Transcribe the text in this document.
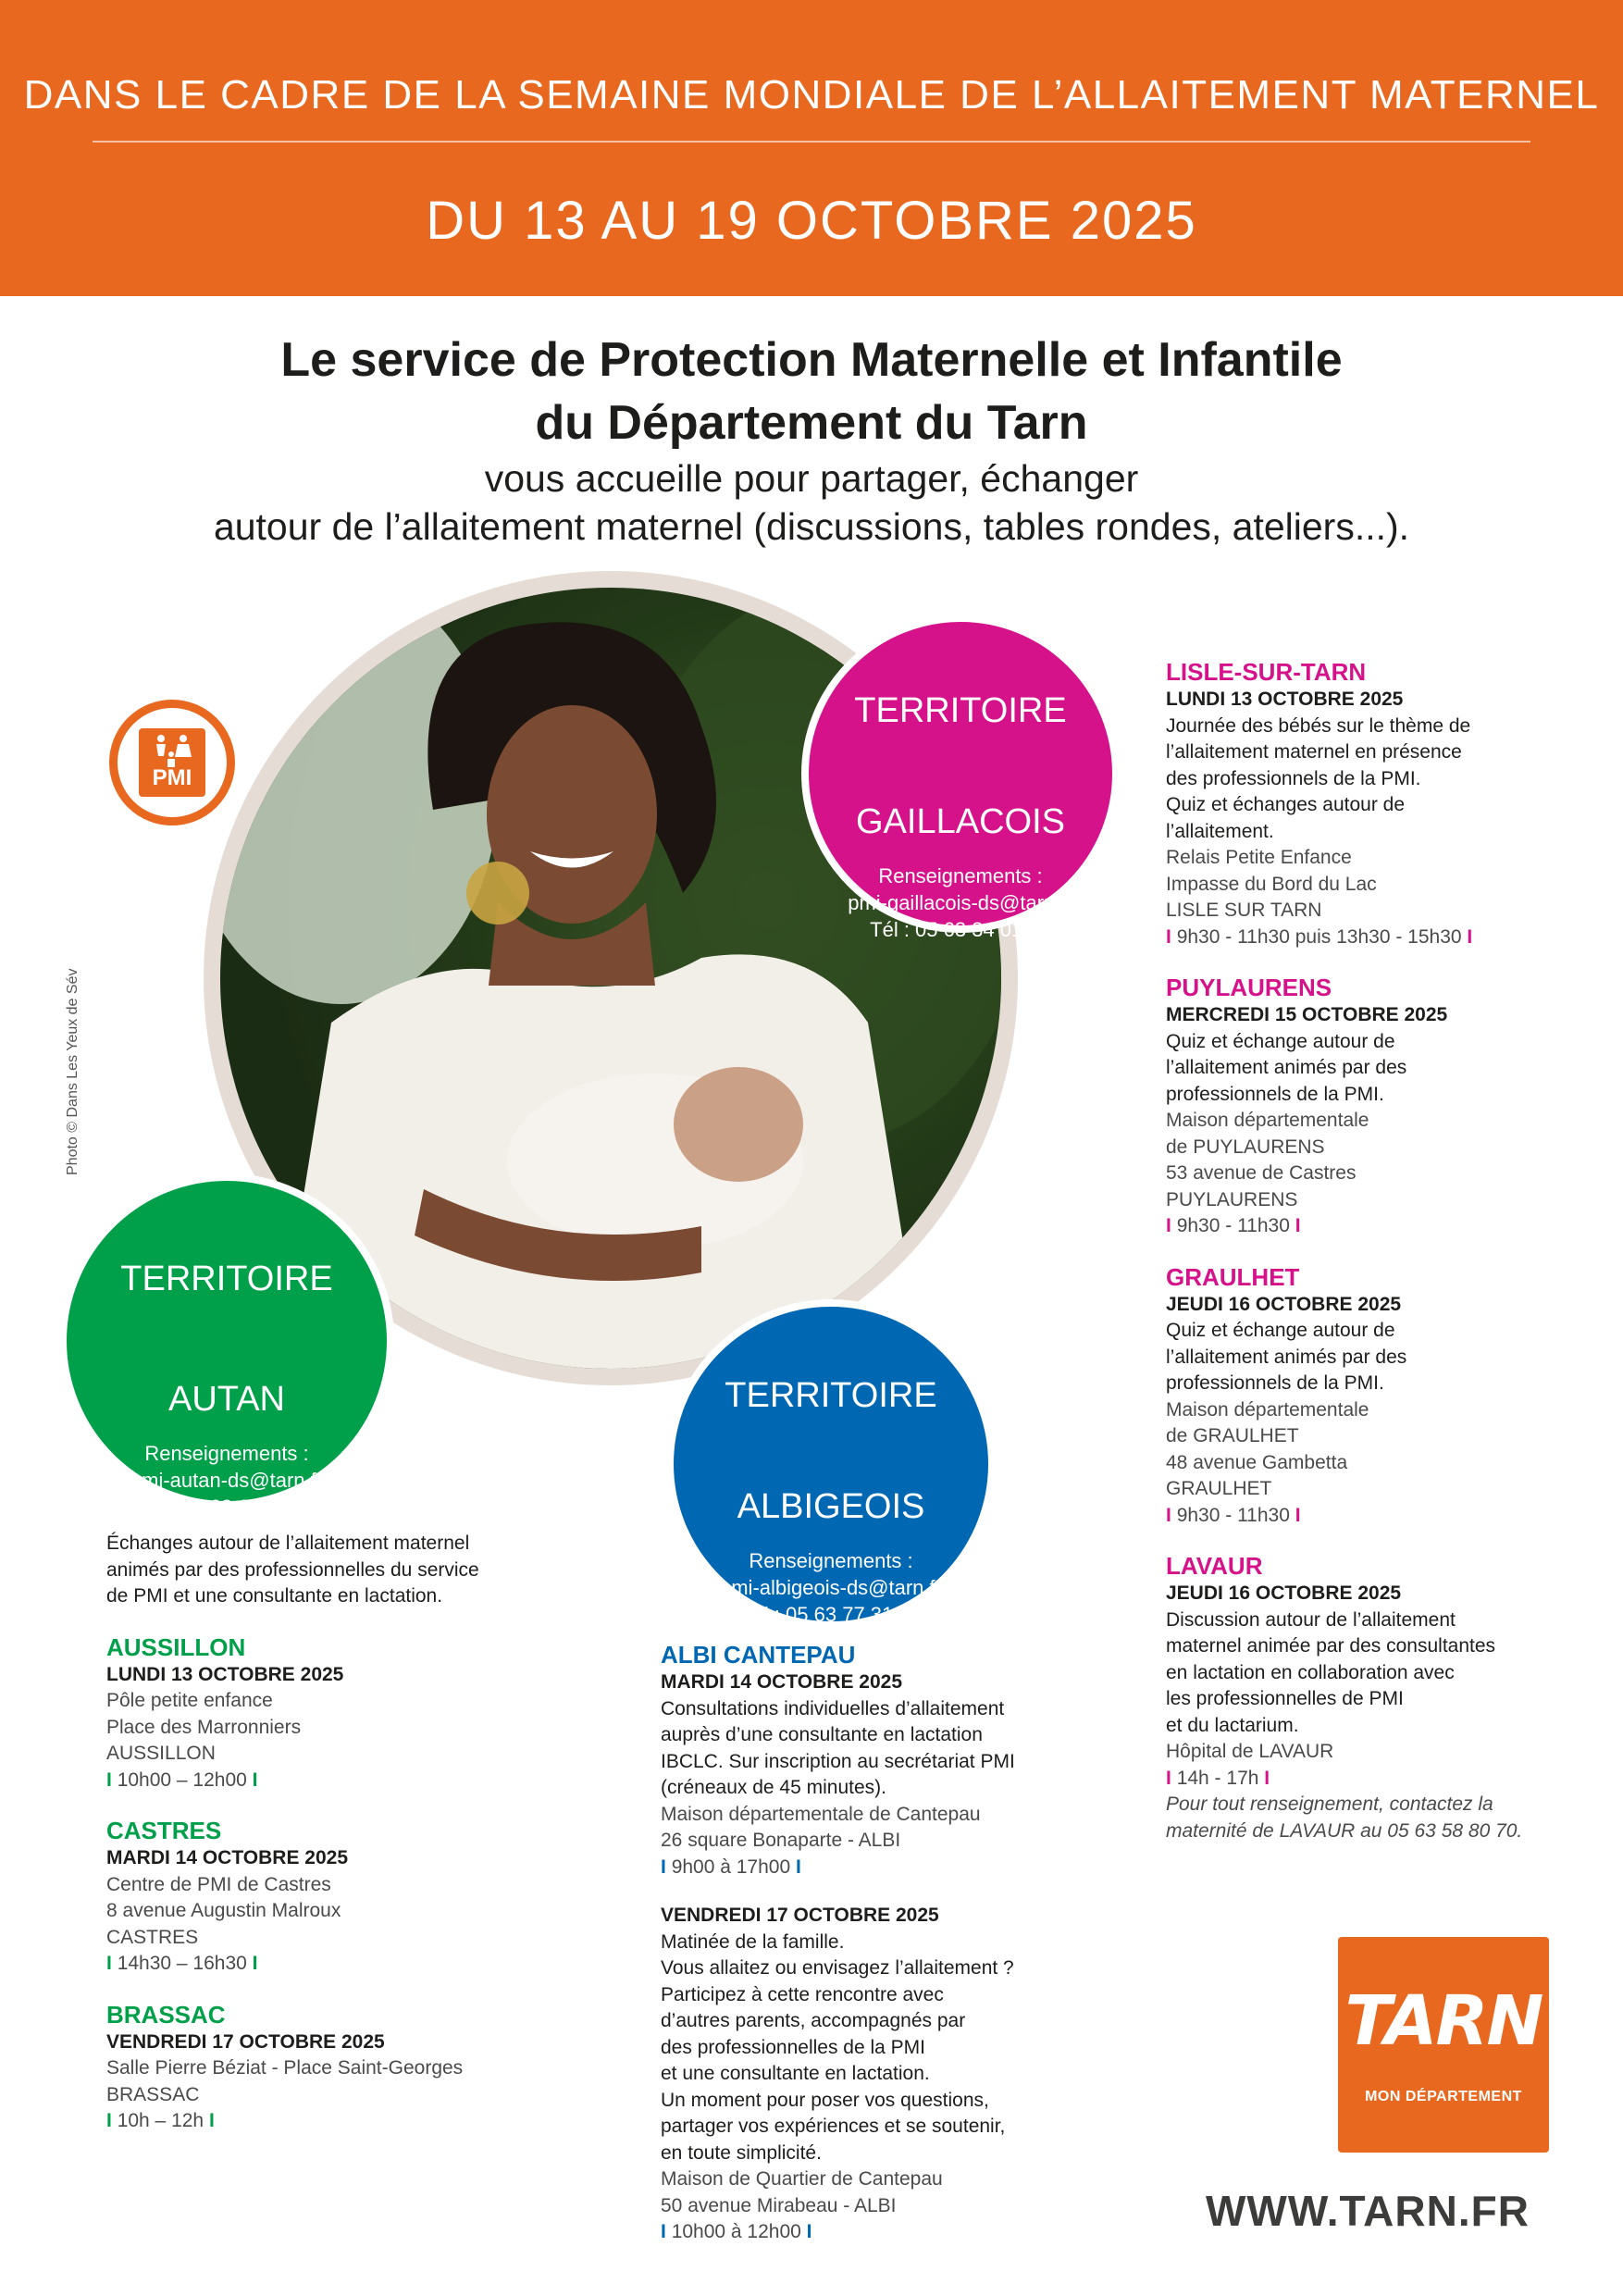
DANS LE CADRE DE LA SEMAINE MONDIALE DE L’ALLAITEMENT MATERNEL
DU 13 AU 19 OCTOBRE 2025
Le service de Protection Maternelle et Infantile
du Département du Tarn
vous accueille pour partager, échanger
autour de l’allaitement maternel (discussions, tables rondes, ateliers...).
Photo © Dans Les Yeux de Sév
PMI
TERRITOIRE
GAILLACOIS
Renseignements :
pmi-gaillacois-ds@tarn.fr
Tél : 05 63 34 01 20
TERRITOIRE
AUTAN
Renseignements :
pmi-autan-ds@tarn.fr
Tél : 05 63 62 62 42
TERRITOIRE
ALBIGEOIS
Renseignements :
pmi-albigeois-ds@tarn.fr
Tél : 05 63 77 31 15
Échanges autour de l’allaitement maternel
animés par des professionnelles du service
de PMI et une consultante en lactation.
AUSSILLON
LUNDI 13 OCTOBRE 2025
Pôle petite enfance
Place des Marronniers
AUSSILLON
I 10h00 – 12h00 I
CASTRES
MARDI 14 OCTOBRE 2025
Centre de PMI de Castres
8 avenue Augustin Malroux
CASTRES
I 14h30 – 16h30 I
BRASSAC
VENDREDI 17 OCTOBRE 2025
Salle Pierre Béziat - Place Saint-Georges
BRASSAC
I 10h – 12h I
ALBI CANTEPAU
MARDI 14 OCTOBRE 2025
Consultations individuelles d’allaitement
auprès d’une consultante en lactation
IBCLC. Sur inscription au secrétariat PMI
(créneaux de 45 minutes).
Maison départementale de Cantepau
26 square Bonaparte - ALBI
I 9h00 à 17h00 I
VENDREDI 17 OCTOBRE 2025
Matinée de la famille.
Vous allaitez ou envisagez l’allaitement ?
Participez à cette rencontre avec
d’autres parents, accompagnés par
des professionnelles de la PMI
et une consultante en lactation.
Un moment pour poser vos questions,
partager vos expériences et se soutenir,
en toute simplicité.
Maison de Quartier de Cantepau
50 avenue Mirabeau - ALBI
I 10h00 à 12h00 I
LISLE-SUR-TARN
LUNDI 13 OCTOBRE 2025
Journée des bébés sur le thème de
l’allaitement maternel en présence
des professionnels de la PMI.
Quiz et échanges autour de
l’allaitement.
Relais Petite Enfance
Impasse du Bord du Lac
LISLE SUR TARN
I 9h30 - 11h30 puis 13h30 - 15h30 I
PUYLAURENS
MERCREDI 15 OCTOBRE 2025
Quiz et échange autour de
l’allaitement animés par des
professionnels de la PMI.
Maison départementale
de PUYLAURENS
53 avenue de Castres
PUYLAURENS
I 9h30 - 11h30 I
GRAULHET
JEUDI 16 OCTOBRE 2025
Quiz et échange autour de
l’allaitement animés par des
professionnels de la PMI.
Maison départementale
de GRAULHET
48 avenue Gambetta
GRAULHET
I 9h30 - 11h30 I
LAVAUR
JEUDI 16 OCTOBRE 2025
Discussion autour de l’allaitement
maternel animée par des consultantes
en lactation en collaboration avec
les professionnelles de PMI
et du lactarium.
Hôpital de LAVAUR
I 14h - 17h I
Pour tout renseignement, contactez la
maternité de LAVAUR au 05 63 58 80 70.
TARN
MON DÉPARTEMENT
WWW.TARN.FR
